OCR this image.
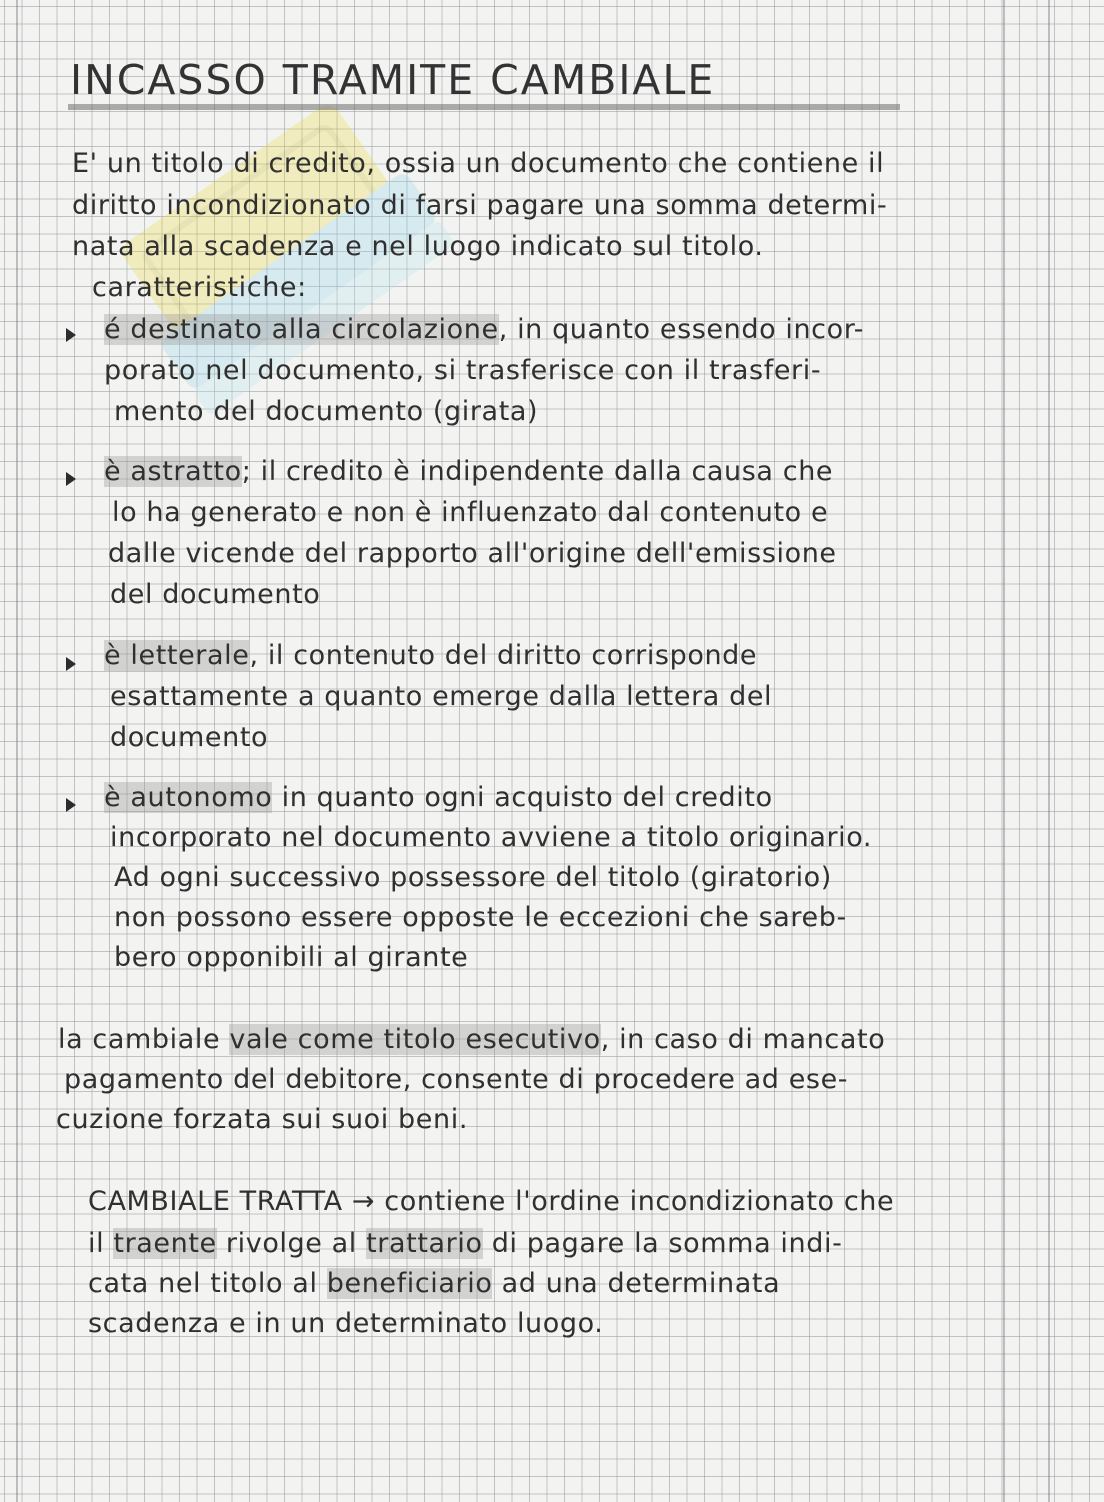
INCASSO TRAMITE CAMBIALE
E' un titolo di credito, ossia un documento che contiene il
diritto incondizionato di farsi pagare una somma determi-
nata alla scadenza e nel luogo indicato sul titolo.
caratteristiche:
é destinato alla circolazione, in quanto essendo incor-
porato nel documento, si trasferisce con il trasferi-
mento del documento (girata)
è astratto; il credito è indipendente dalla causa che
lo ha generato e non è influenzato dal contenuto e
dalle vicende del rapporto all'origine dell'emissione
del documento
è letterale, il contenuto del diritto corrisponde
esattamente a quanto emerge dalla lettera del
documento
è autonomo in quanto ogni acquisto del credito
incorporato nel documento avviene a titolo originario.
Ad ogni successivo possessore del titolo (giratorio)
non possono essere opposte le eccezioni che sareb-
bero opponibili al girante
la cambiale vale come titolo esecutivo, in caso di mancato
pagamento del debitore, consente di procedere ad ese-
cuzione forzata sui suoi beni.
CAMBIALE TRATTA → contiene l'ordine incondizionato che
il traente rivolge al trattario di pagare la somma indi-
cata nel titolo al beneficiario ad una determinata
scadenza e in un determinato luogo.
